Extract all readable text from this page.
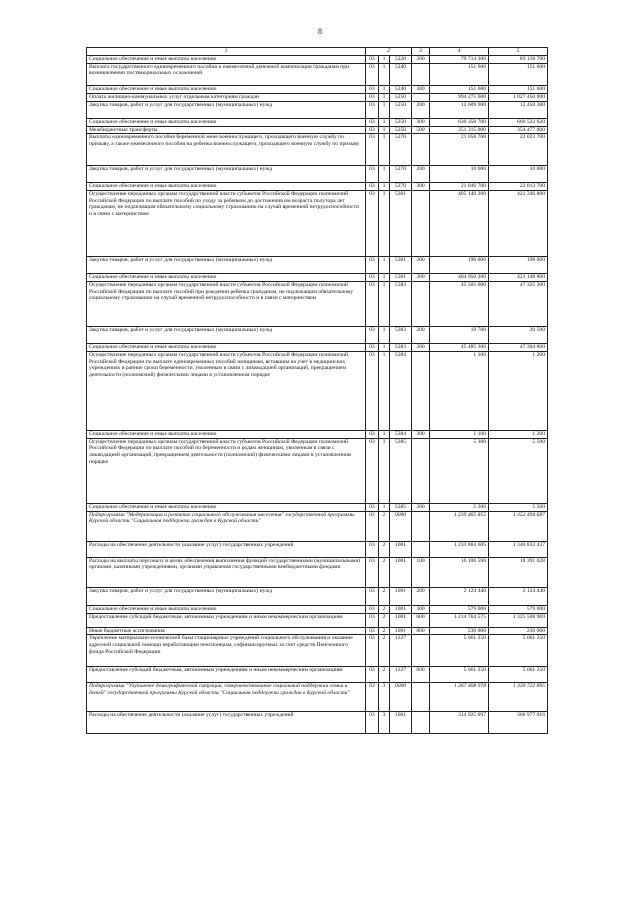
8
1	2			3	4	5
Социальное обеспечение и иные выплаты населению	03	1	5220	300	79 714 300	83 138 700
Выплата государственного единовременного пособия и ежемесячной денежной компенсации гражданам при возникновении поствакцинальных осложнений	03	1	5240		151 600	151 600
Социальное обеспечение и иные выплаты населению	03	1	5240	300	151 600	151 600
Оплата жилищно-коммунальных услуг отдельным категориям граждан	03	1	5250		994 275 600	1 027 450 000
Закупка товаров, работ и услуг для государственных (муниципальных) нужд	03	1	5250	200	12 609 900	12 450 380
Социальное обеспечение и иные выплаты населению	03	1	5250	300	630 350 700	660 522 620
Межбюджетные трансферты	03	1	5250	500	351 315 000	354 477 000
Выплаты единовременного пособия беременной жене военнослужащего, проходящего военную службу по призыву, а также ежемесячного пособия на ребенка военнослужащего, проходящего военную службу по призыву	03	1	5270		21 056 700	22 023 700
Закупка товаров, работ и услуг для государственных (муниципальных) нужд	03	1	5270	200	10 000	10 000
Социальное обеспечение и иные выплаты населению	03	1	5270	300	21 046 700	22 013 700
Осуществление переданных органам государственной власти субъектов Российской Федерации полномочий Российской Федерации по выплате пособий по уходу за ребенком до достижения им возраста полутора лет гражданам, не подлежащим обязательному социальному страхованию на случай временной нетрудоспособности и в связи с материнством	03	1	5381		405 140 200	421 346 800
Закупка товаров, работ и услуг для государственных (муниципальных) нужд	03	1	5381	200	190 000	198 000
Социальное обеспечение и иные выплаты населению	03	1	5381	300	404 950 200	421 148 800
Осуществление переданных органам государственной власти субъектов Российской Федерации полномочий Российской Федерации по выплате пособий при рождении ребенка гражданам, не подлежащим обязательному социальному страхованию на случай временной нетрудоспособности и в связи с материнством	03	1	5383		45 505 000	47 325 300
Закупка товаров, работ и услуг для государственных (муниципальных) нужд	03	1	5383	200	19 700	20 500
Социальное обеспечение и иные выплаты населению	03	1	5383	300	45 485 300	47 304 800
Осуществление переданных органам государственной власти субъектов Российской Федерации полномочий Российской Федерации по выплате единовременных пособий женщинам, вставшим на учет в медицинских учреждениях в ранние сроки беременности, уволенным в связи с ликвидацией организаций, прекращением деятельности (полномочий) физическими лицами в установленном порядке	03	1	5384		1 100	1 200
Социальное обеспечение и иные выплаты населению	03	1	5384	300	1 100	1 200
Осуществление переданных органам государственной власти субъектов Российской Федерации полномочий Российской Федерации по выплате пособий по беременности и родам женщинам, уволенным в связи с ликвидацией организаций, прекращением деятельности (полномочий) физическими лицами в установленном порядке	03	1	5385		5 300	5 500
Социальное обеспечение и иные выплаты населению	03	1	5385	300	5 300	5 500
Подпрограмма "Модернизация и развитие социального обслуживания населения" государственной программы Курской области "Социальная поддержка граждан в Курской области"	03	2	0000		1 239 465 855	1 352 494 687
Расходы на обеспечение деятельности (оказание услуг) государственных учреждений	03	2	1001		1 233 804 605	1 346 833 437
Расходы на выплаты персоналу в целях обеспечения выполнения функций государственными (муниципальными) органами, казенными учреждениями, органами управления государственными внебюджетными фондами	03	2	1001	100	16 106 590	18 391 028
Закупка товаров, работ и услуг для государственных (муниципальных) нужд	03	2	1001	200	2 124 440	2 124 440
Социальное обеспечение и иные выплаты населению	03	2	1001	300	579 000	579 000
Предоставление субсидий бюджетным, автономным учреждениям и иным некоммерческим организациям	03	2	1001	600	1 214 764 575	1 325 508 969
Иные бюджетные ассигнования	03	2	1001	800	230 000	230 000
Укрепление материально-технической базы стационарных учреждений социального обслуживания и оказание адресной социальной помощи неработающим пенсионерам, софинансируемых за счет средств Пенсионного фонда Российской Федерации	03	2	1127		5 661 250	5 661 250
Предоставление субсидий бюджетным, автономным учреждениям и иным некоммерческим организациям	03	2	1127	600	5 661 250	5 661 250
Подпрограмма "Улучшение демографической ситуации, совершенствование социальной поддержки семьи и детей" государственной программы Курской области "Социальная поддержка граждан в Курской области"	03	3	0000		1 267 408 978	1 339 722 895
Расходы на обеспечение деятельности (оказание услуг) государственных учреждений	03	3	1001		314 925 097	366 977 016
